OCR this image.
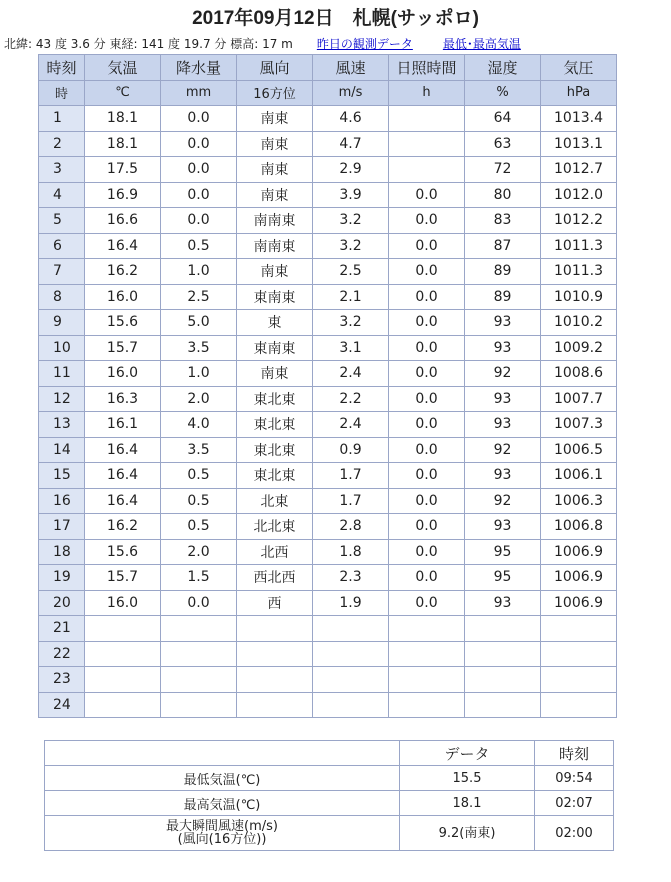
2017年09月12日　札幌(サッポロ)
北緯: 43 度 3.6 分 東経: 141 度 19.7 分 標高: 17 m 昨日の観測データ	最低･最高気温
時刻	気温	降水量	風向	風速	日照時間	湿度	気圧
時	℃	mm	16方位	m/s	h	%	hPa
1	18.1	0.0	南東	4.6		64	1013.4
2	18.1	0.0	南東	4.7		63	1013.1
3	17.5	0.0	南東	2.9		72	1012.7
4	16.9	0.0	南東	3.9	0.0	80	1012.0
5	16.6	0.0	南南東	3.2	0.0	83	1012.2
6	16.4	0.5	南南東	3.2	0.0	87	1011.3
7	16.2	1.0	南東	2.5	0.0	89	1011.3
8	16.0	2.5	東南東	2.1	0.0	89	1010.9
9	15.6	5.0	東	3.2	0.0	93	1010.2
10	15.7	3.5	東南東	3.1	0.0	93	1009.2
11	16.0	1.0	南東	2.4	0.0	92	1008.6
12	16.3	2.0	東北東	2.2	0.0	93	1007.7
13	16.1	4.0	東北東	2.4	0.0	93	1007.3
14	16.4	3.5	東北東	0.9	0.0	92	1006.5
15	16.4	0.5	東北東	1.7	0.0	93	1006.1
16	16.4	0.5	北東	1.7	0.0	92	1006.3
17	16.2	0.5	北北東	2.8	0.0	93	1006.8
18	15.6	2.0	北西	1.8	0.0	95	1006.9
19	15.7	1.5	西北西	2.3	0.0	95	1006.9
20	16.0	0.0	西	1.9	0.0	93	1006.9
21							
22							
23							
24							
	データ	時刻
最低気温(℃)	15.5	09:54
最高気温(℃)	18.1	02:07
最大瞬間風速(m/s)
(風向(16方位))	9.2(南東)	02:00
